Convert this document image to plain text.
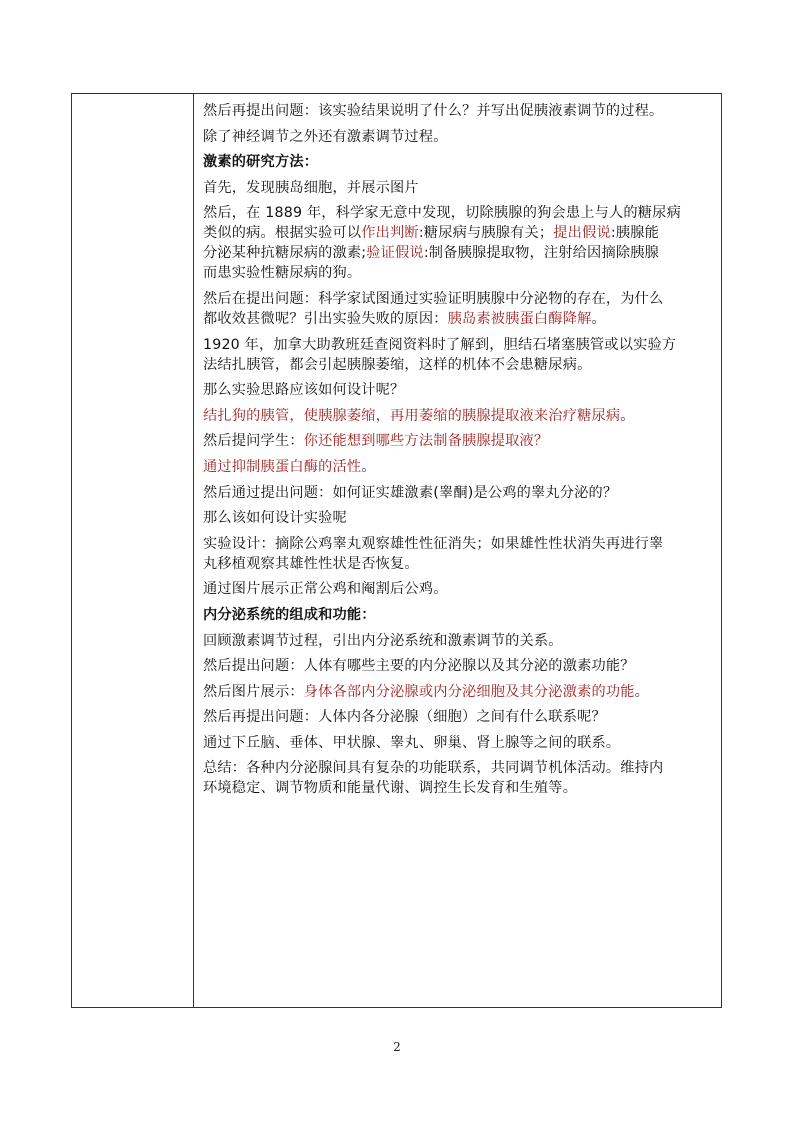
然后再提出问题：该实验结果说明了什么？并写出促胰液素调节的过程。
除了神经调节之外还有激素调节过程。
激素的研究方法：
首先，发现胰岛细胞，并展示图片
然后，在 1889 年，科学家无意中发现，切除胰腺的狗会患上与人的糖尿病
类似的病。根据实验可以作出判断:糖尿病与胰腺有关；提出假说:胰腺能
分泌某种抗糖尿病的激素;验证假说:制备胰腺提取物，注射给因摘除胰腺
而患实验性糖尿病的狗。
然后在提出问题：科学家试图通过实验证明胰腺中分泌物的存在，为什么
都收效甚微呢？引出实验失败的原因：胰岛素被胰蛋白酶降解。
1920 年，加拿大助教班廷查阅资料时了解到，胆结石堵塞胰管或以实验方
法结扎胰管，都会引起胰腺萎缩，这样的机体不会患糖尿病。
那么实验思路应该如何设计呢？
结扎狗的胰管，使胰腺萎缩，再用萎缩的胰腺提取液来治疗糖尿病。
然后提问学生：你还能想到哪些方法制备胰腺提取液？
通过抑制胰蛋白酶的活性。
然后通过提出问题：如何证实雄激素(睾酮)是公鸡的睾丸分泌的？
那么该如何设计实验呢
实验设计：摘除公鸡睾丸观察雄性性征消失；如果雄性性状消失再进行睾
丸移植观察其雄性性状是否恢复。
通过图片展示正常公鸡和阉割后公鸡。
内分泌系统的组成和功能：
回顾激素调节过程，引出内分泌系统和激素调节的关系。
然后提出问题：人体有哪些主要的内分泌腺以及其分泌的激素功能？
然后图片展示：身体各部内分泌腺或内分泌细胞及其分泌激素的功能。
然后再提出问题：人体内各分泌腺（细胞）之间有什么联系呢？
通过下丘脑、垂体、甲状腺、睾丸、卵巢、肾上腺等之间的联系。
总结：各种内分泌腺间具有复杂的功能联系，共同调节机体活动。维持内
环境稳定、调节物质和能量代谢、调控生长发育和生殖等。
2
